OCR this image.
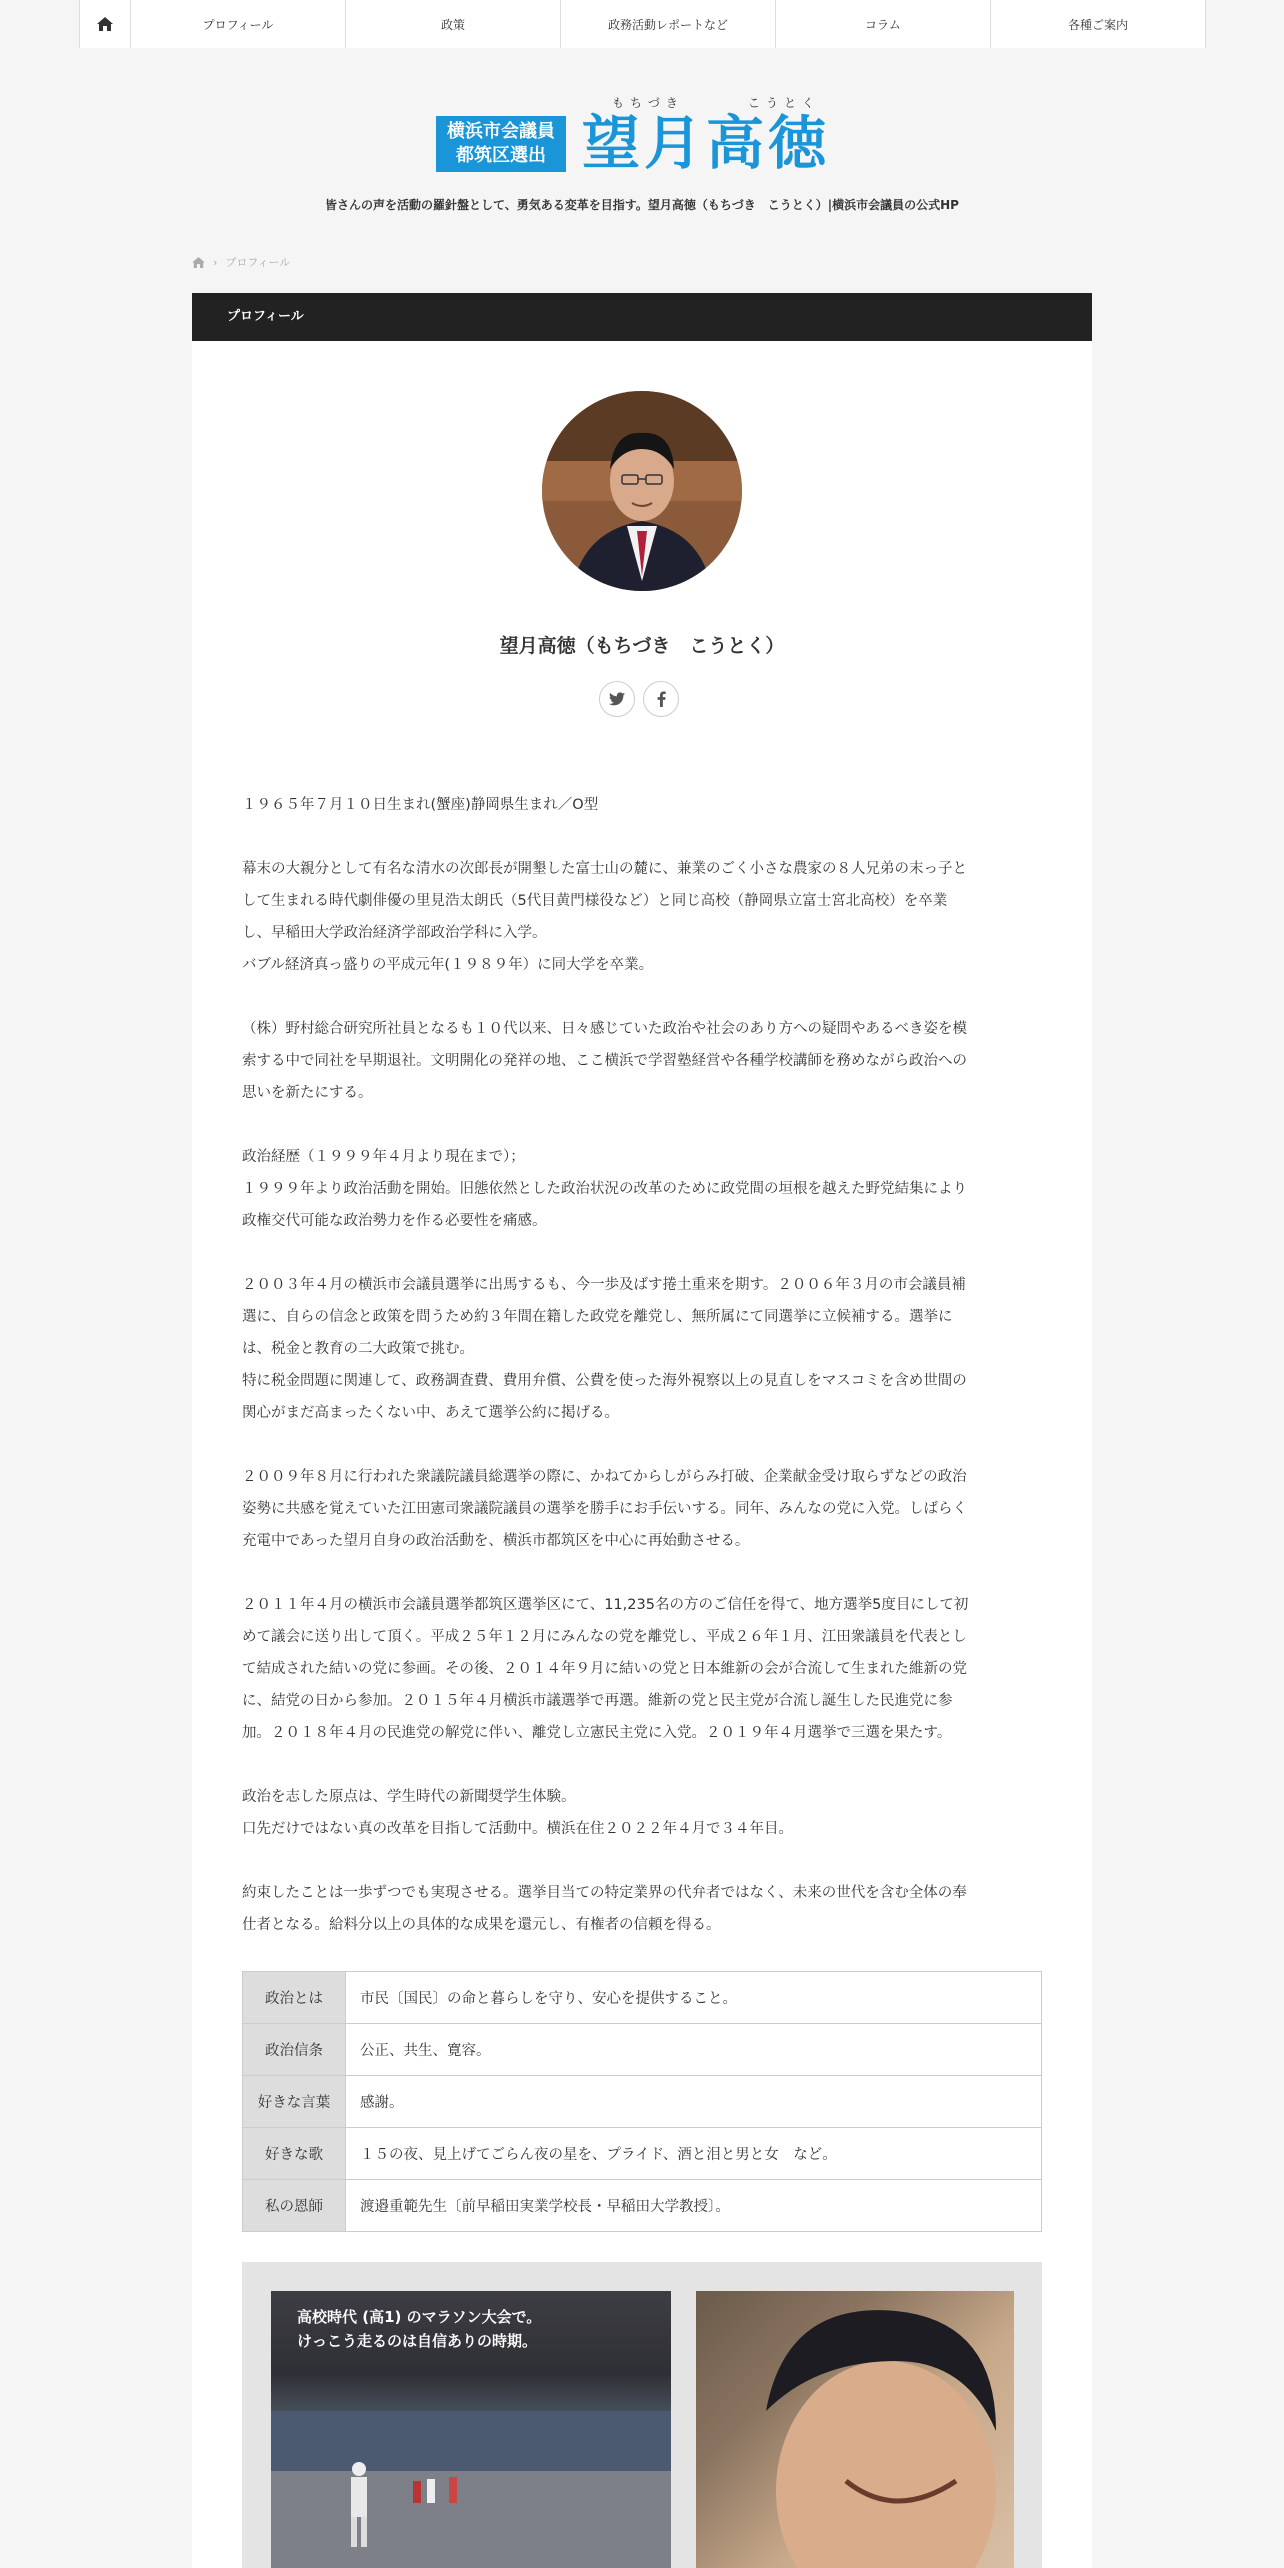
プロフィール	政策	政務活動レポートなど	コラム	各種ご案内
横浜市会議員
都筑区選出
もちづき	こうとく
望月高徳
皆さんの声を活動の羅針盤として、勇気ある変革を目指す。望月高徳（もちづき　こうとく）|横浜市会議員の公式HP
› プロフィール
プロフィール
望月高徳（もちづき　こうとく）

１９６５年７月１０日生まれ(蟹座)静岡県生まれ／O型

幕末の大親分として有名な清水の次郎長が開墾した富士山の麓に、兼業のごく小さな農家の８人兄弟の末っ子と
して生まれる時代劇俳優の里見浩太朗氏（5代目黄門様役など）と同じ高校（静岡県立富士宮北高校）を卒業
し、早稲田大学政治経済学部政治学科に入学。
バブル経済真っ盛りの平成元年(１９８９年）に同大学を卒業。

（株）野村総合研究所社員となるも１０代以来、日々感じていた政治や社会のあり方への疑問やあるべき姿を模
索する中で同社を早期退社。文明開化の発祥の地、ここ横浜で学習塾経営や各種学校講師を務めながら政治への
思いを新たにする。

政治経歴（１９９９年４月より現在まで）；
１９９９年より政治活動を開始。旧態依然とした政治状況の改革のために政党間の垣根を越えた野党結集により
政権交代可能な政治勢力を作る必要性を痛感。

２００３年４月の横浜市会議員選挙に出馬するも、今一歩及ばす捲土重来を期す。２００６年３月の市会議員補
選に、自らの信念と政策を問うため約３年間在籍した政党を離党し、無所属にて同選挙に立候補する。選挙に
は、税金と教育の二大政策で挑む。
特に税金問題に関連して、政務調査費、費用弁償、公費を使った海外視察以上の見直しをマスコミを含め世間の
関心がまだ高まったくない中、あえて選挙公約に掲げる。

２００９年８月に行われた衆議院議員総選挙の際に、かねてからしがらみ打破、企業献金受け取らずなどの政治
姿勢に共感を覚えていた江田憲司衆議院議員の選挙を勝手にお手伝いする。同年、みんなの党に入党。しばらく
充電中であった望月自身の政治活動を、横浜市都筑区を中心に再始動させる。

２０１１年４月の横浜市会議員選挙都筑区選挙区にて、11,235名の方のご信任を得て、地方選挙5度目にして初
めて議会に送り出して頂く。平成２５年１２月にみんなの党を離党し、平成２６年１月、江田衆議員を代表とし
て結成された結いの党に参画。その後、２０１４年９月に結いの党と日本維新の会が合流して生まれた維新の党
に、結党の日から参加。２０１５年４月横浜市議選挙で再選。維新の党と民主党が合流し誕生した民進党に参
加。２０１８年４月の民進党の解党に伴い、離党し立憲民主党に入党。２０１９年４月選挙で三選を果たす。

政治を志した原点は、学生時代の新聞奨学生体験。
口先だけではない真の改革を目指して活動中。横浜在住２０２２年４月で３４年目。

約束したことは一歩ずつでも実現させる。選挙目当ての特定業界の代弁者ではなく、未来の世代を含む全体の奉
仕者となる。給料分以上の具体的な成果を還元し、有権者の信頼を得る。

政治とは	市民〔国民〕の命と暮らしを守り、安心を提供すること。
政治信条	公正、共生、寛容。
好きな言葉	感謝。
好きな歌	１５の夜、見上げてごらん夜の星を、プライド、酒と泪と男と女　など。
私の恩師	渡邉重範先生〔前早稲田実業学校長・早稲田大学教授〕。
高校時代 (高1) のマラソン大会で。
けっこう走るのは自信ありの時期。
